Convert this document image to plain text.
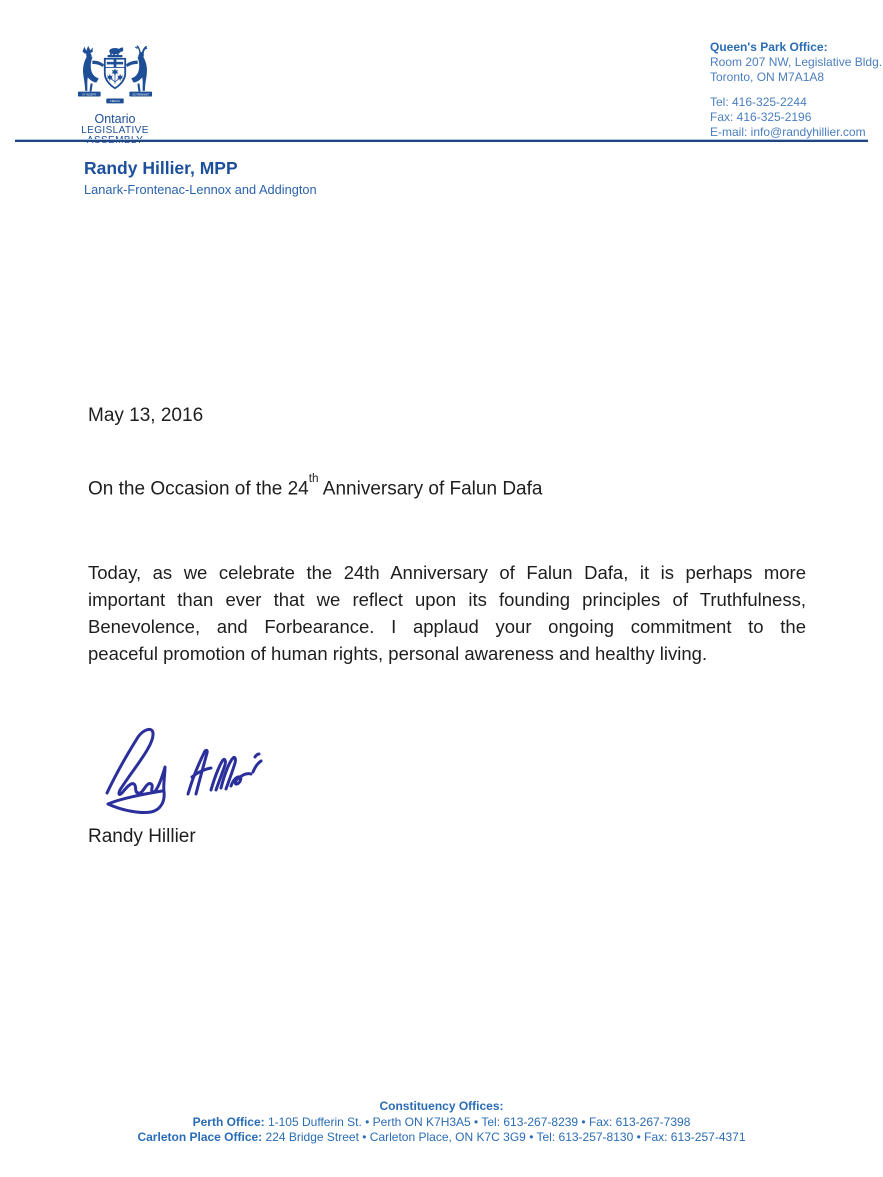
VT INCEPIT	SIC PERMANET
FIDELIS
Ontario
LEGISLATIVE
Queen's Park Office:
Room 207 NW, Legislative Bldg.
Toronto, ON M7A1A8
Tel: 416-325-2244
Fax: 416-325-2196
E-mail: info@randyhillier.com
Randy Hillier, MPP
Lanark-Frontenac-Lennox and Addington
May 13, 2016
On the Occasion of the 24th Anniversary of Falun Dafa
Today, as we celebrate the 24th Anniversary of Falun Dafa, it is perhaps more
important than ever that we reflect upon its founding principles of Truthfulness,
Benevolence, and Forbearance. I applaud your ongoing commitment to the
peaceful promotion of human rights, personal awareness and healthy living.
Randy Hillier
Constituency Offices:
Perth Office: 1-105 Dufferin St. • Perth ON K7H3A5 • Tel: 613-267-8239 • Fax: 613-267-7398
Carleton Place Office: 224 Bridge Street • Carleton Place, ON K7C 3G9 • Tel: 613-257-8130 • Fax: 613-257-4371
